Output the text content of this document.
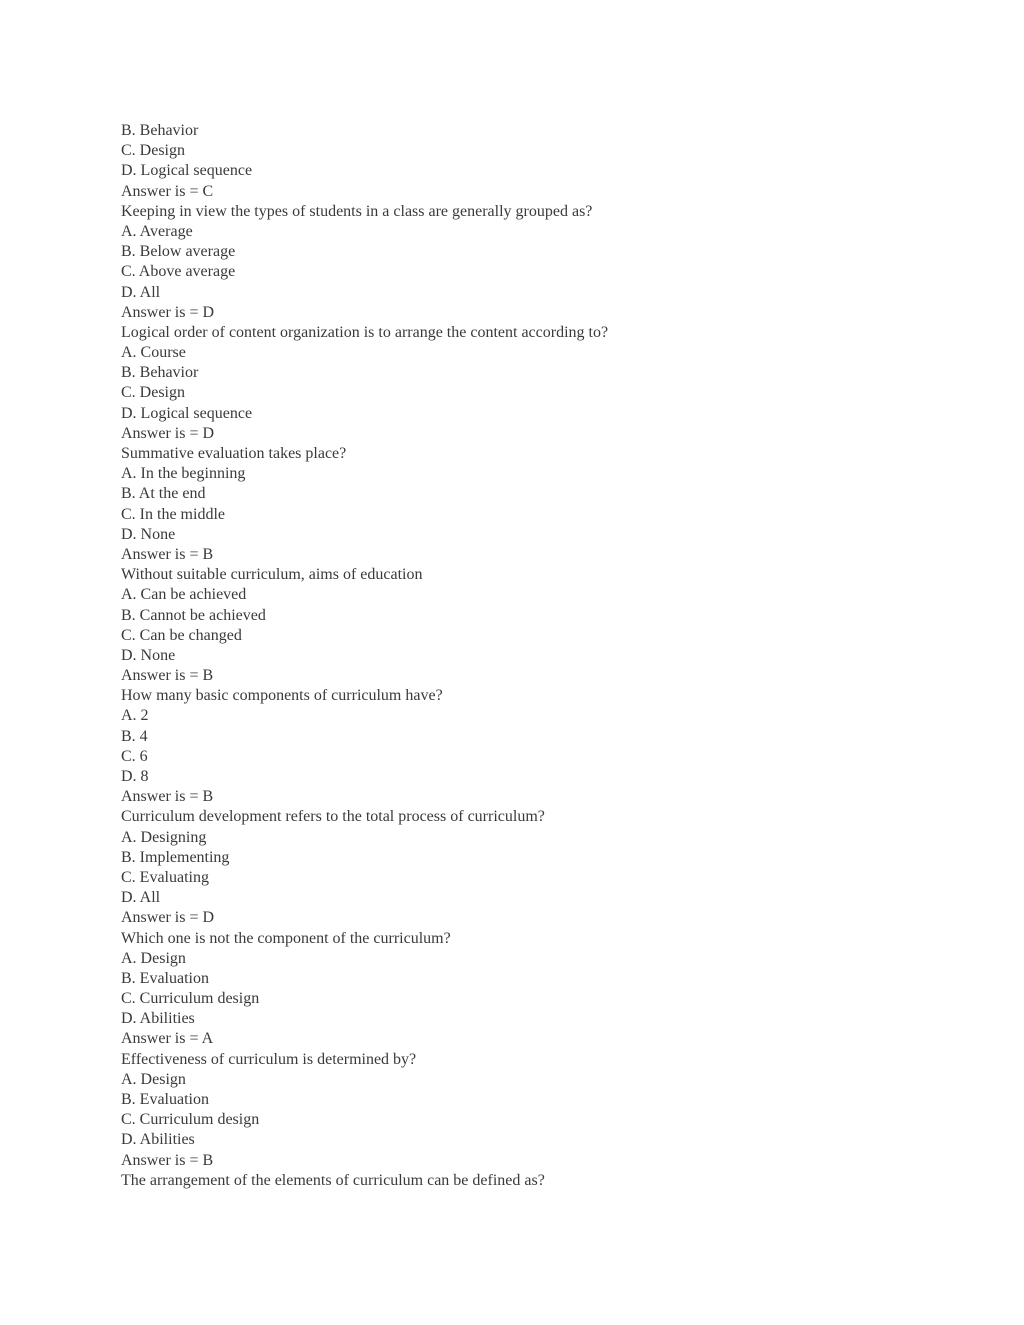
B. Behavior
C. Design
D. Logical sequence
Answer is = C
Keeping in view the types of students in a class are generally grouped as?
A. Average
B. Below average
C. Above average
D. All
Answer is = D
Logical order of content organization is to arrange the content according to?
A. Course
B. Behavior
C. Design
D. Logical sequence
Answer is = D
Summative evaluation takes place?
A. In the beginning
B. At the end
C. In the middle
D. None
Answer is = B
Without suitable curriculum, aims of education
A. Can be achieved
B. Cannot be achieved
C. Can be changed
D. None
Answer is = B
How many basic components of curriculum have?
A. 2
B. 4
C. 6
D. 8
Answer is = B
Curriculum development refers to the total process of curriculum?
A. Designing
B. Implementing
C. Evaluating
D. All
Answer is = D
Which one is not the component of the curriculum?
A. Design
B. Evaluation
C. Curriculum design
D. Abilities
Answer is = A
Effectiveness of curriculum is determined by?
A. Design
B. Evaluation
C. Curriculum design
D. Abilities
Answer is = B
The arrangement of the elements of curriculum can be defined as?
